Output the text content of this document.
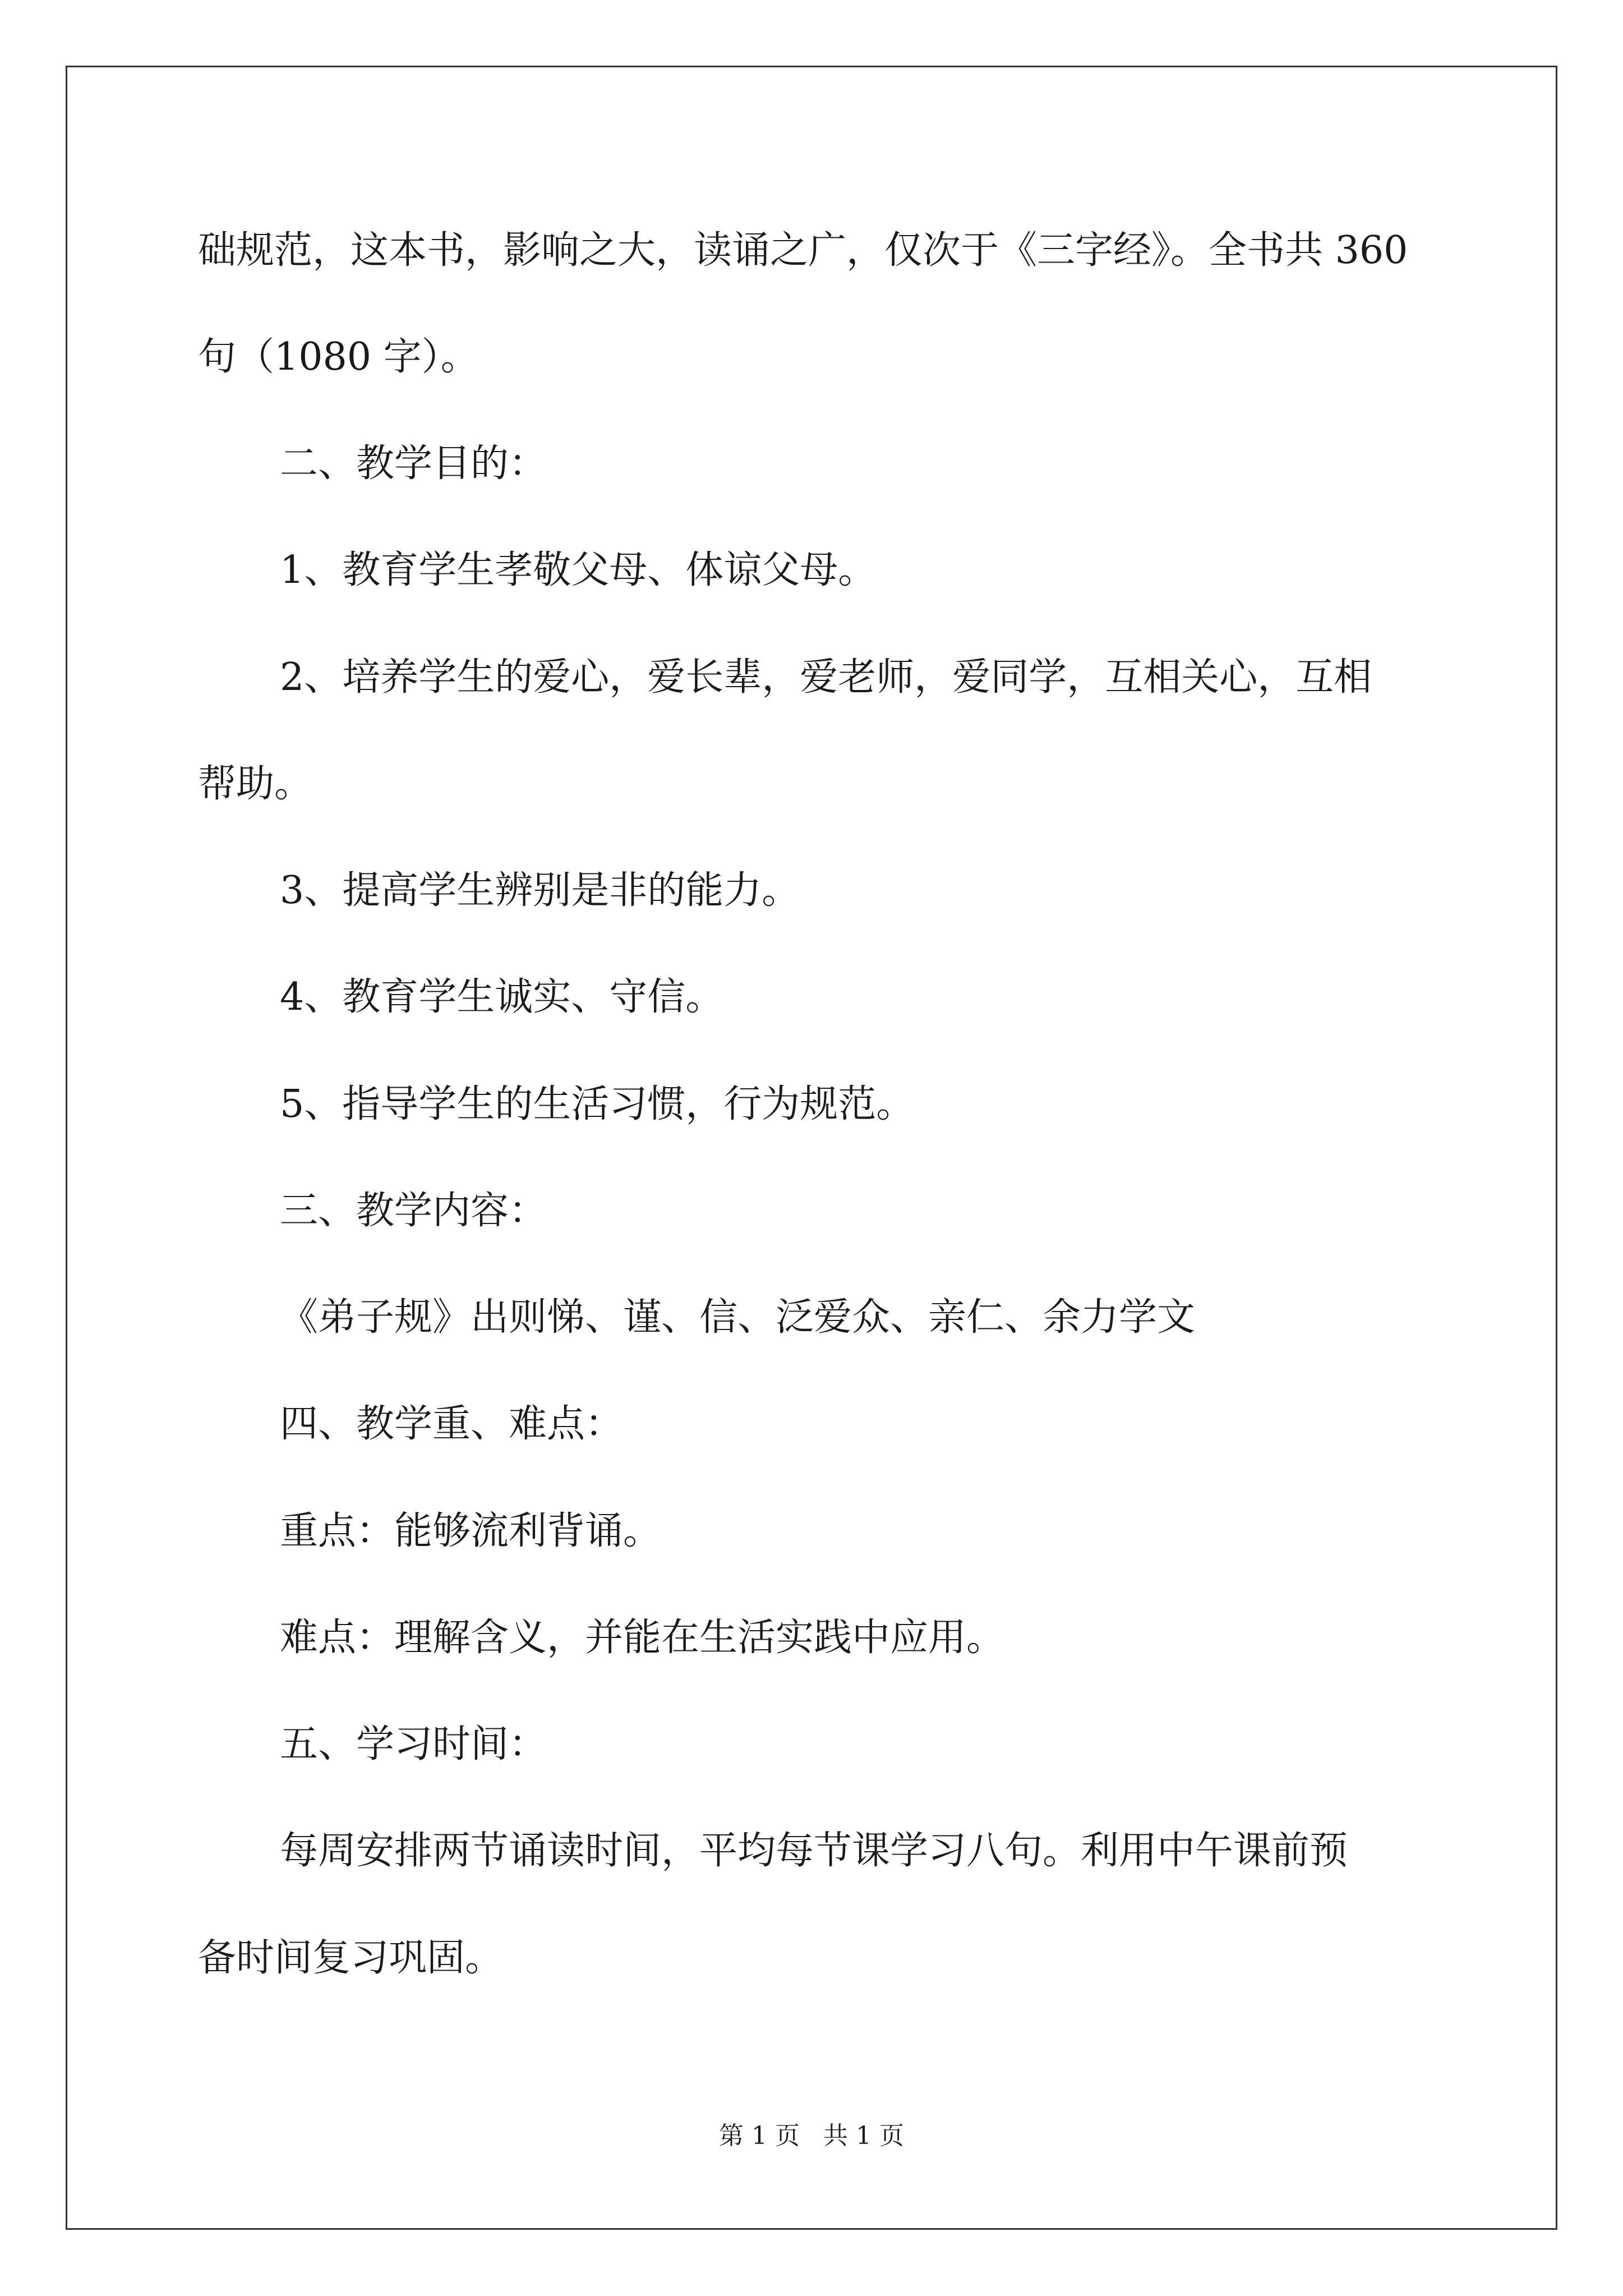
础规范，这本书，影响之大，读诵之广，仅次于《三字经》。全书共 360
句（1080 字）。
二、教学目的：
1、教育学生孝敬父母、体谅父母。
2、培养学生的爱心，爱长辈，爱老师，爱同学，互相关心，互相
帮助。
3、提高学生辨别是非的能力。
4、教育学生诚实、守信。
5、指导学生的生活习惯，行为规范。
三、教学内容：
《弟子规》出则悌、谨、信、泛爱众、亲仁、余力学文
四、教学重、难点：
重点：能够流利背诵。
难点：理解含义，并能在生活实践中应用。
五、学习时间：
每周安排两节诵读时间，平均每节课学习八句。利用中午课前预
备时间复习巩固。
第 1 页 共 1 页
